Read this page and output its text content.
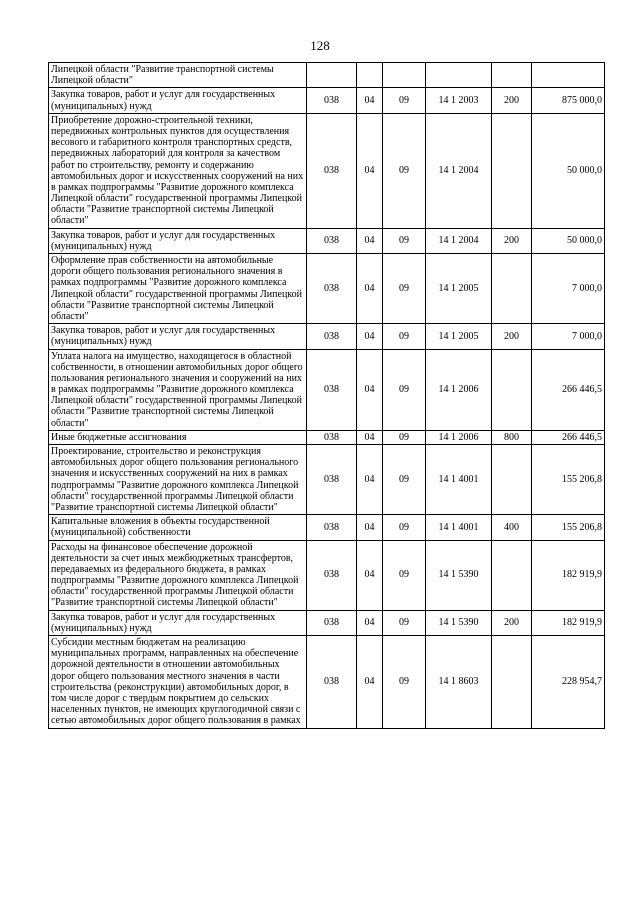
128
Липецкой области "Развитие транспортной системы Липецкой области"						
Закупка товаров, работ и услуг для государственных (муниципальных) нужд	038	04	09	14 1 2003	200	875 000,0
Приобретение дорожно-строительной техники, передвижных контрольных пунктов для осуществления весового и габаритного контроля транспортных средств, передвижных лабораторий для контроля за качеством работ по строительству, ремонту и содержанию автомобильных дорог и искусственных сооружений на них в рамках подпрограммы "Развитие дорожного комплекса Липецкой области" государственной программы Липецкой области "Развитие транспортной системы Липецкой области"	038	04	09	14 1 2004		50 000,0
Закупка товаров, работ и услуг для государственных (муниципальных) нужд	038	04	09	14 1 2004	200	50 000,0
Оформление прав собственности на автомобильные дороги общего пользования регионального значения в рамках подпрограммы "Развитие дорожного комплекса Липецкой области" государственной программы Липецкой области "Развитие транспортной системы Липецкой области"	038	04	09	14 1 2005		7 000,0
Закупка товаров, работ и услуг для государственных (муниципальных) нужд	038	04	09	14 1 2005	200	7 000,0
Уплата налога на имущество, находящегося в областной собственности, в отношении автомобильных дорог общего пользования регионального значения и сооружений на них в рамках подпрограммы "Развитие дорожного комплекса Липецкой области" государственной программы Липецкой области "Развитие транспортной системы Липецкой области"	038	04	09	14 1 2006		266 446,5
Иные бюджетные ассигнования	038	04	09	14 1 2006	800	266 446,5
Проектирование, строительство и реконструкция автомобильных дорог общего пользования регионального значения и искусственных сооружений на них в рамках подпрограммы "Развитие дорожного комплекса Липецкой области" государственной программы Липецкой области "Развитие транспортной системы Липецкой области"	038	04	09	14 1 4001		155 206,8
Капитальные вложения в объекты государственной (муниципальной) собственности	038	04	09	14 1 4001	400	155 206,8
Расходы на финансовое обеспечение дорожной деятельности за счет иных межбюджетных трансфертов, передаваемых из федерального бюджета, в рамках подпрограммы "Развитие дорожного комплекса Липецкой области" государственной программы Липецкой области "Развитие транспортной системы Липецкой области"	038	04	09	14 1 5390		182 919,9
Закупка товаров, работ и услуг для государственных (муниципальных) нужд	038	04	09	14 1 5390	200	182 919,9
Субсидии местным бюджетам на реализацию муниципальных программ, направленных на обеспечение дорожной деятельности в отношении автомобильных дорог общего пользования местного значения в части строительства (реконструкции) автомобильных дорог, в том числе дорог с твердым покрытием до сельских населенных пунктов, не имеющих круглогодичной связи с сетью автомобильных дорог общего пользования в рамках	038	04	09	14 1 8603		228 954,7
